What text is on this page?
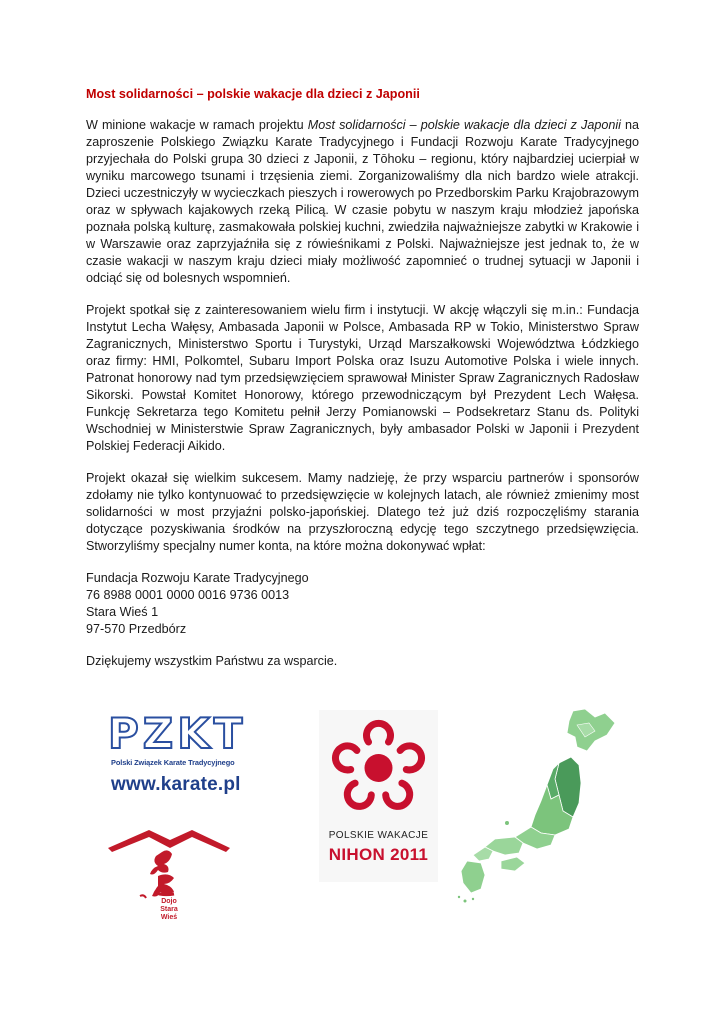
Most solidarności – polskie wakacje dla dzieci z Japonii

W minione wakacje w ramach projektu Most solidarności – polskie wakacje dla dzieci z Japonii na zaproszenie Polskiego Związku Karate Tradycyjnego i Fundacji Rozwoju Karate Tradycyjnego przyjechała do Polski grupa 30 dzieci z Japonii, z Tōhoku – regionu, który najbardziej ucierpiał w wyniku marcowego tsunami i trzęsienia ziemi. Zorganizowaliśmy dla nich bardzo wiele atrakcji. Dzieci uczestniczyły w wycieczkach pieszych i rowerowych po Przedborskim Parku Krajobrazowym oraz w spływach kajakowych rzeką Pilicą. W czasie pobytu w naszym kraju młodzież japońska poznała polską kulturę, zasmakowała polskiej kuchni, zwiedziła najważniejsze zabytki w Krakowie i w Warszawie oraz zaprzyjaźniła się z rówieśnikami z Polski. Najważniejsze jest jednak to, że w czasie wakacji w naszym kraju dzieci miały możliwość zapomnieć o trudnej sytuacji w Japonii i odciąć się od bolesnych wspomnień.

Projekt spotkał się z zainteresowaniem wielu firm i instytucji. W akcję włączyli się m.in.: Fundacja Instytut Lecha Wałęsy, Ambasada Japonii w Polsce, Ambasada RP w Tokio, Ministerstwo Spraw Zagranicznych, Ministerstwo Sportu i Turystyki, Urząd Marszałkowski Województwa Łódzkiego oraz firmy: HMI, Polkomtel, Subaru Import Polska oraz Isuzu Automotive Polska i wiele innych. Patronat honorowy nad tym przedsięwzięciem sprawował Minister Spraw Zagranicznych Radosław Sikorski. Powstał Komitet Honorowy, którego przewodniczącym był Prezydent Lech Wałęsa. Funkcję Sekretarza tego Komitetu pełnił Jerzy Pomianowski – Podsekretarz Stanu ds. Polityki Wschodniej w Ministerstwie Spraw Zagranicznych, były ambasador Polski w Japonii i Prezydent Polskiej Federacji Aikido.

Projekt okazał się wielkim sukcesem. Mamy nadzieję, że przy wsparciu partnerów i sponsorów zdołamy nie tylko kontynuować to przedsięwzięcie w kolejnych latach, ale również zmienimy most solidarności w most przyjaźni polsko-japońskiej. Dlatego też już dziś rozpoczęliśmy starania dotyczące pozyskiwania środków na przyszłoroczną edycję tego szczytnego przedsięwzięcia. Stworzyliśmy specjalny numer konta, na które można dokonywać wpłat:

Fundacja Rozwoju Karate Tradycyjnego
76 8988 0001 0000 0016 9736 0013
Stara Wieś 1
97-570 Przedbórz

Dziękujemy wszystkim Państwu za wsparcie.

PZKT
Polski Związek Karate Tradycyjnego
www.karate.pl
Dojo
Stara
Wieś
POLSKIE WAKACJE
NIHON 2011
